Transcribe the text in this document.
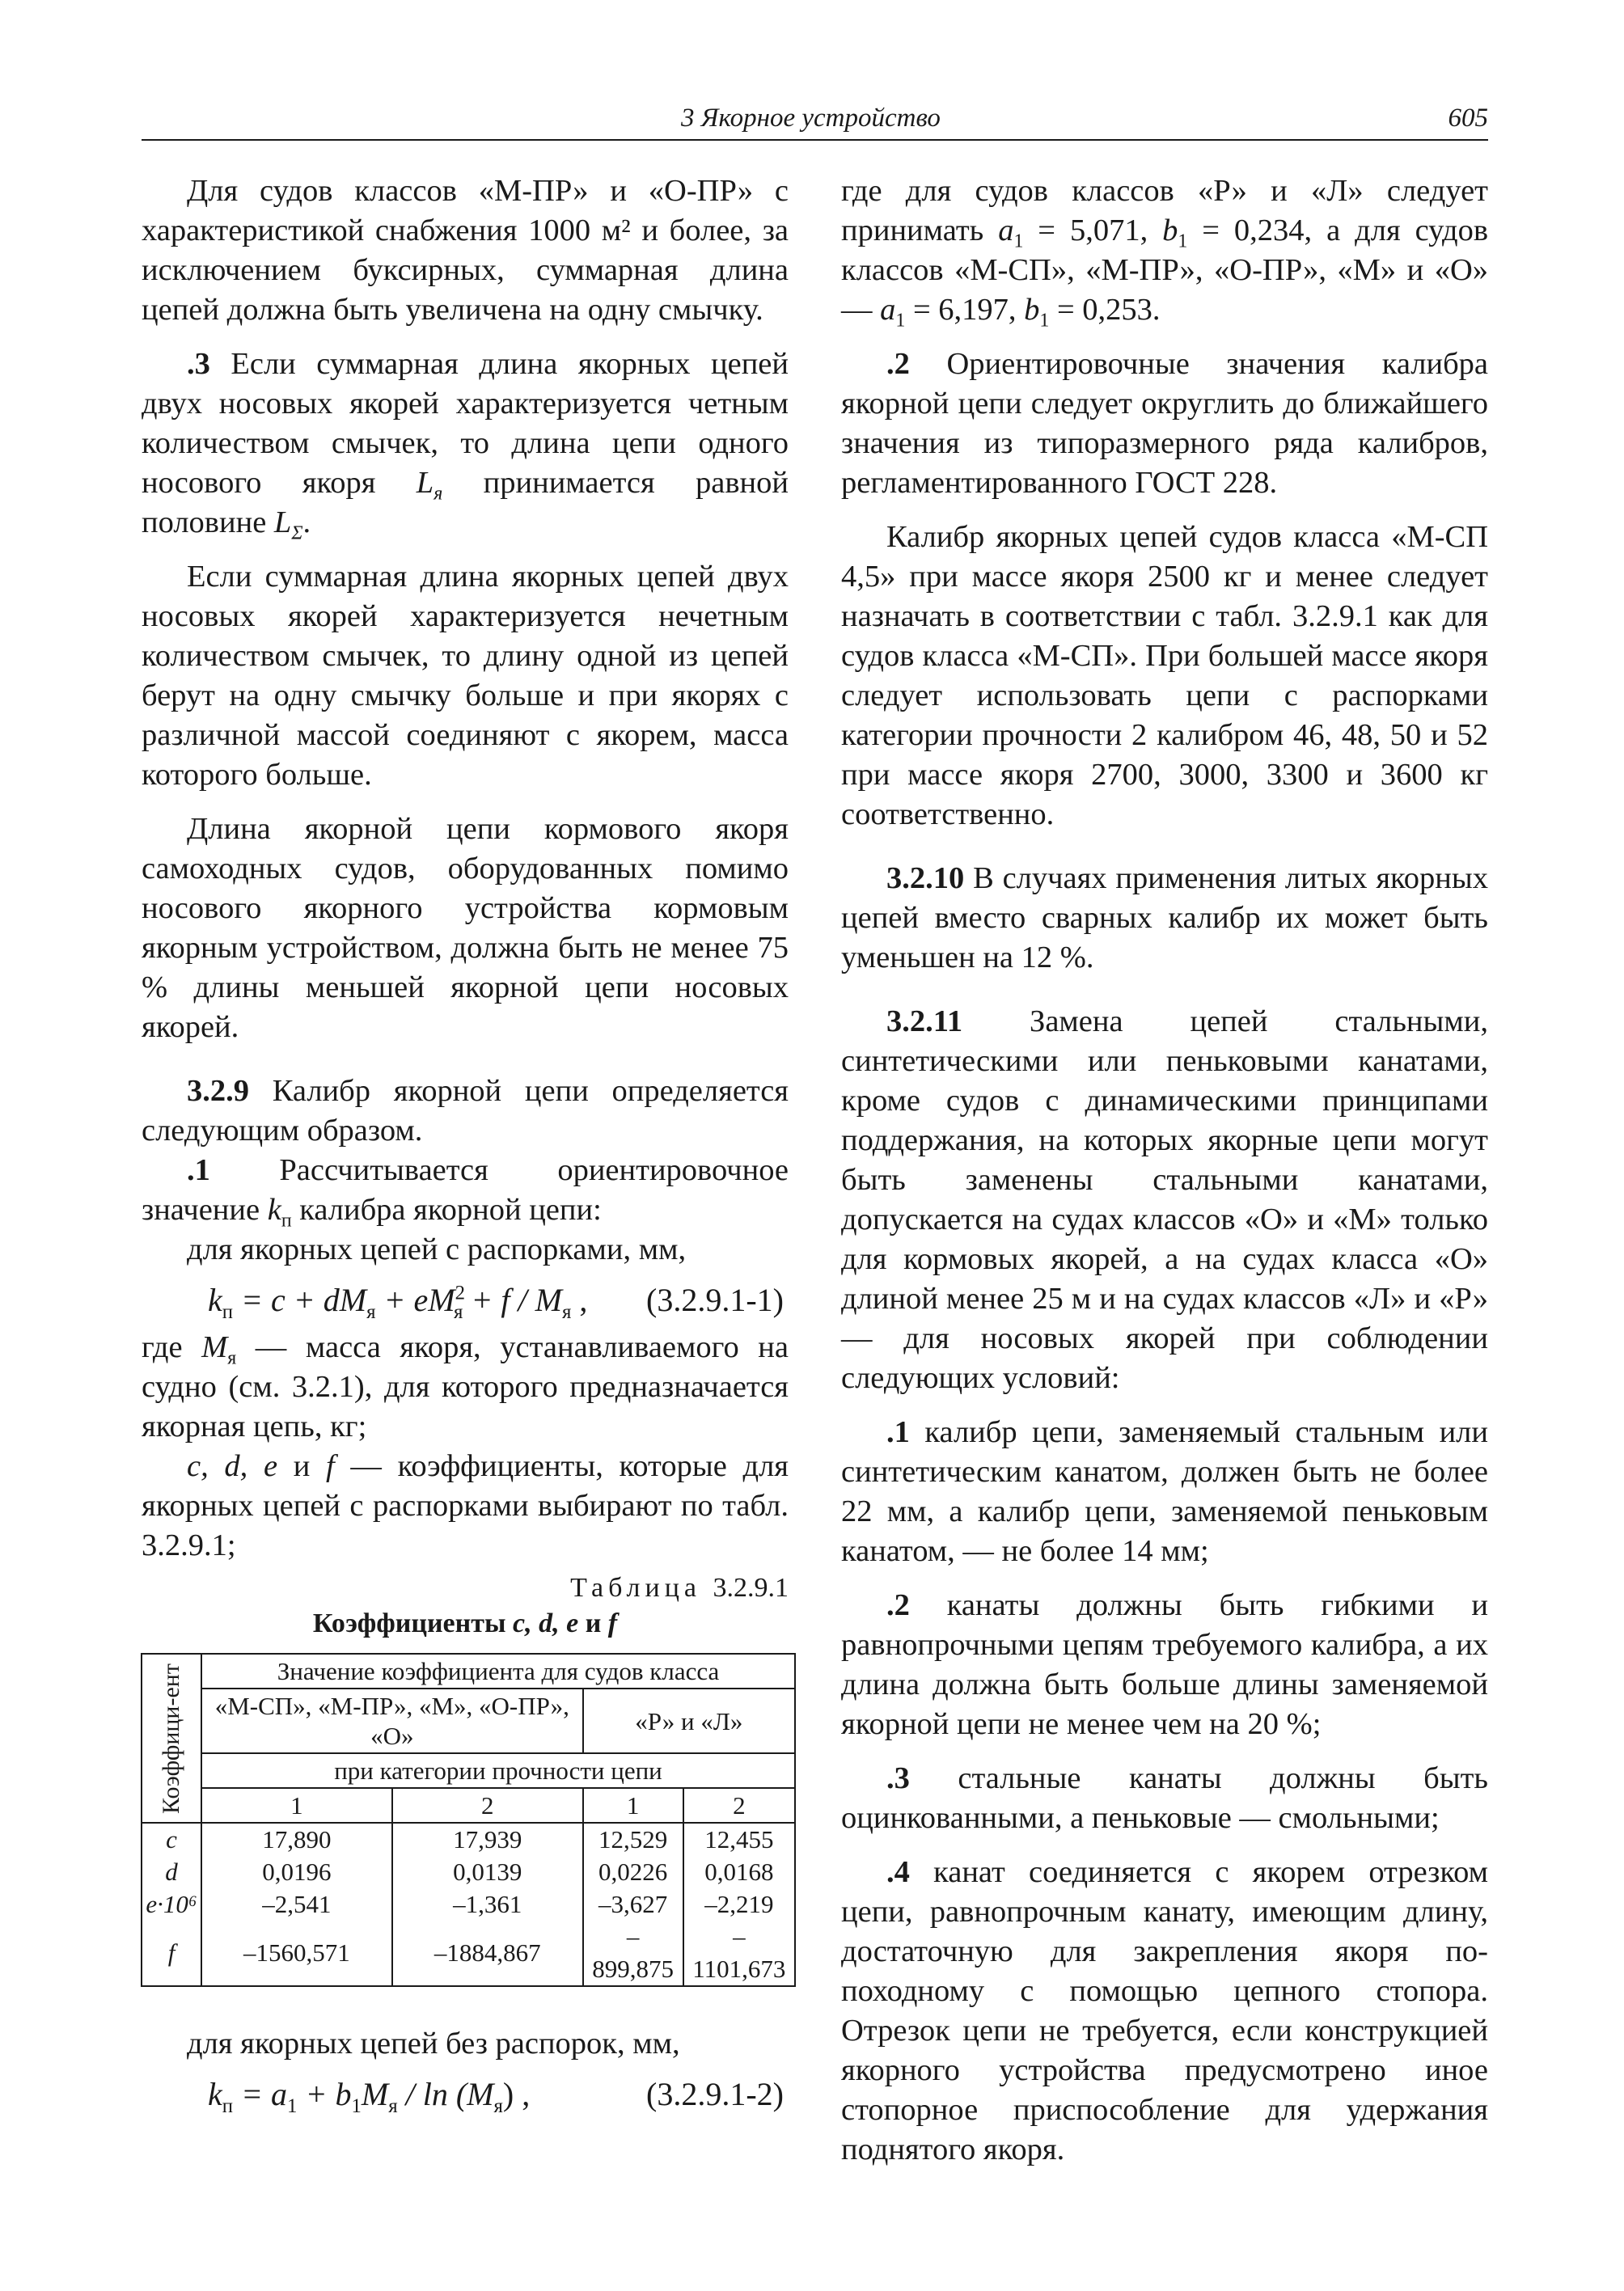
3 Якорное устройство	605

Для судов классов «М-ПР» и «О-ПР» с характеристикой снабжения 1000 м² и более, за исключением буксирных, суммарная длина цепей должна быть увеличена на одну смычку.

.3 Если суммарная длина якорных цепей двух носовых якорей характеризуется четным количеством смычек, то длина цепи одного носового якоря $L_я$ принимается равной половине $L_\Sigma$.

Если суммарная длина якорных цепей двух носовых якорей характеризуется нечетным количеством смычек, то длину одной из цепей берут на одну смычку больше и при якорях с различной массой соединяют с якорем, масса которого больше.

Длина якорной цепи кормового якоря самоходных судов, оборудованных помимо носового якорного устройства кормовым якорным устройством, должна быть не менее 75 % длины меньшей якорной цепи носовых якорей.

3.2.9 Калибр якорной цепи определяется следующим образом.

.1 Рассчитывается ориентировочное значение $k_п$ калибра якорной цепи:

для якорных цепей с распорками, мм,

$k_п = c + dM_я + eM^2_я + f / M_я$ , (3.2.9.1-1)

где $M_я$ — масса якоря, устанавливаемого на судно (см. 3.2.1), для которого предназначается якорная цепь, кг;

c, d, e и f — коэффициенты, которые для якорных цепей с распорками выбирают по табл. 3.2.9.1;

Таблица 3.2.9.1
Коэффициенты c, d, e и f
Коэффици-ент	Значение коэффициента для судов класса			
	«М-СП», «М-ПР», «М», «О-ПР», «О»		«Р» и «Л»	
	при категории прочности цепи			
	1	2	1	2
c	17,890	17,939	12,529	12,455
d	0,0196	0,0139	0,0226	0,0168
e·10⁶	–2,541	–1,361	–3,627	–2,219
f	–1560,571	–1884,867	–899,875	–1101,673

для якорных цепей без распорок, мм,

$k_п = a_1 + b_1M_я / \ln (M_я)$ ,	(3.2.9.1-2)

где для судов классов «Р» и «Л» следует принимать $a_1 = 5,071$, $b_1 = 0,234$, а для судов классов «М-СП», «М-ПР», «О-ПР», «М» и «О» — $a_1 = 6,197$, $b_1 = 0,253$.

.2 Ориентировочные значения калибра якорной цепи следует округлить до ближайшего значения из типоразмерного ряда калибров, регламентированного ГОСТ 228.

Калибр якорных цепей судов класса «М-СП 4,5» при массе якоря 2500 кг и менее следует назначать в соответствии с табл. 3.2.9.1 как для судов класса «М-СП». При большей массе якоря следует использовать цепи с распорками категории прочности 2 калибром 46, 48, 50 и 52 при массе якоря 2700, 3000, 3300 и 3600 кг соответственно.

3.2.10 В случаях применения литых якорных цепей вместо сварных калибр их может быть уменьшен на 12 %.

3.2.11 Замена цепей стальными, синтетическими или пеньковыми канатами, кроме судов с динамическими принципами поддержания, на которых якорные цепи могут быть заменены стальными канатами, допускается на судах классов «О» и «М» только для кормовых якорей, а на судах класса «О» длиной менее 25 м и на судах классов «Л» и «Р» — для носовых якорей при соблюдении следующих условий:

.1 калибр цепи, заменяемый стальным или синтетическим канатом, должен быть не более 22 мм, а калибр цепи, заменяемой пеньковым канатом, — не более 14 мм;

.2 канаты должны быть гибкими и равнопрочными цепям требуемого калибра, а их длина должна быть больше длины заменяемой якорной цепи не менее чем на 20 %;

.3 стальные канаты должны быть оцинкованными, а пеньковые — смольными;

.4 канат соединяется с якорем отрезком цепи, равнопрочным канату, имеющим длину, достаточную для закрепления якоря по-походному с помощью цепного стопора. Отрезок цепи не требуется, если конструкцией якорного устройства предусмотрено иное стопорное приспособление для удержания поднятого якоря.
